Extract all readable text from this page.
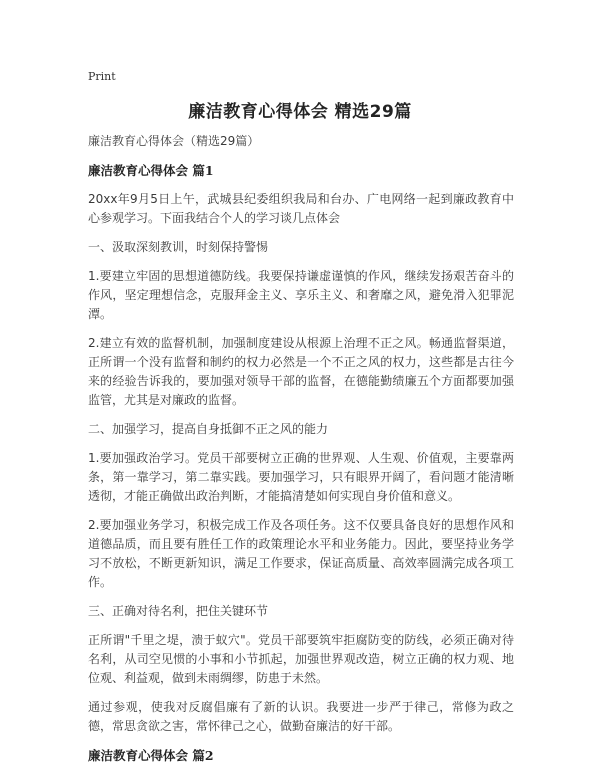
Print
廉洁教育心得体会 精选29篇
廉洁教育心得体会（精选29篇）
廉洁教育心得体会 篇1
20xx年9月5日上午，武城县纪委组织我局和台办、广电网络一起到廉政教育中心参观学习。下面我结合个人的学习谈几点体会
一、汲取深刻教训，时刻保持警惕
1.要建立牢固的思想道德防线。我要保持谦虚谨慎的作风，继续发扬艰苦奋斗的作风，坚定理想信念，克服拜金主义、享乐主义、和奢靡之风，避免滑入犯罪泥潭。
2.建立有效的监督机制，加强制度建设从根源上治理不正之风。畅通监督渠道，正所谓一个没有监督和制约的权力必然是一个不正之风的权力，这些都是古往今来的经验告诉我的，要加强对领导干部的监督，在德能勤绩廉五个方面都要加强监管，尤其是对廉政的监督。
二、加强学习，提高自身抵御不正之风的能力
1.要加强政治学习。党员干部要树立正确的世界观、人生观、价值观，主要靠两条，第一靠学习，第二靠实践。要加强学习，只有眼界开阔了，看问题才能清晰透彻，才能正确做出政治判断，才能搞清楚如何实现自身价值和意义。
2.要加强业务学习，积极完成工作及各项任务。这不仅要具备良好的思想作风和道德品质，而且要有胜任工作的政策理论水平和业务能力。因此，要坚持业务学习不放松，不断更新知识，满足工作要求，保证高质量、高效率圆满完成各项工作。
三、正确对待名利，把住关键环节
正所谓"千里之堤，溃于蚁穴"。党员干部要筑牢拒腐防变的防线，必须正确对待名利，从司空见惯的小事和小节抓起，加强世界观改造，树立正确的权力观、地位观、利益观，做到未雨绸缪，防患于未然。
通过参观，使我对反腐倡廉有了新的认识。我要进一步严于律己，常修为政之德，常思贪欲之害，常怀律己之心，做勤奋廉洁的好干部。
廉洁教育心得体会 篇2
